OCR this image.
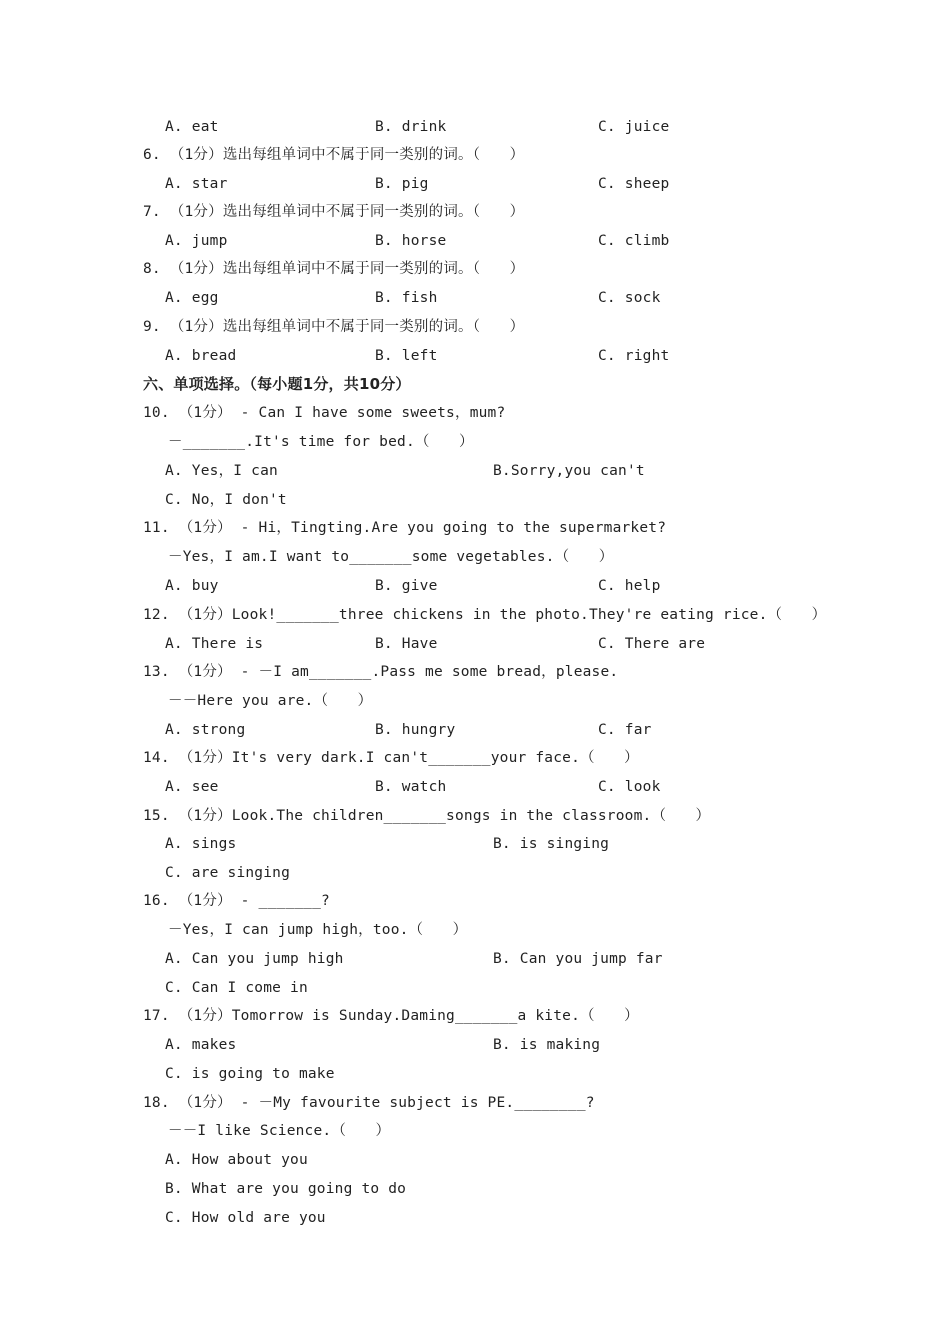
A. eat	B. drink	C. juice
6. （1分）选出每组单词中不属于同一类别的词。（　　）
A. star	B. pig	C. sheep
7. （1分）选出每组单词中不属于同一类别的词。（　　）
A. jump	B. horse	C. climb
8. （1分）选出每组单词中不属于同一类别的词。（　　）
A. egg	B. fish	C. sock
9. （1分）选出每组单词中不属于同一类别的词。（　　）
A. bread	B. left	C. right
六、单项选择。（每小题1分，共10分）
10. （1分） - Can I have some sweets，mum?
－_______.It's time for bed.（　　）
A. Yes，I can	B.Sorry,you can't
C. No，I don't
11. （1分） - Hi，Tingting.Are you going to the supermarket?
－Yes，I am.I want to_______some vegetables.（　　）
A. buy	B. give	C. help
12. （1分）Look!_______three chickens in the photo.They're eating rice.（　　）
A. There is	B. Have	C. There are
13. （1分） - －I am_______.Pass me some bread，please.
－－Here you are.（　　）
A. strong	B. hungry	C. far
14. （1分）It's very dark.I can't_______your face.（　　）
A. see	B. watch	C. look
15. （1分）Look.The children_______songs in the classroom.（　　）
A. sings	B. is singing
C. are singing
16. （1分） - _______?
－Yes，I can jump high，too.（　　）
A. Can you jump high	B. Can you jump far
C. Can I come in
17. （1分）Tomorrow is Sunday.Daming_______a kite.（　　）
A. makes	B. is making
C. is going to make
18. （1分） - －My favourite subject is PE.________?
－－I like Science.（　　）
A. How about you
B. What are you going to do
C. How old are you
